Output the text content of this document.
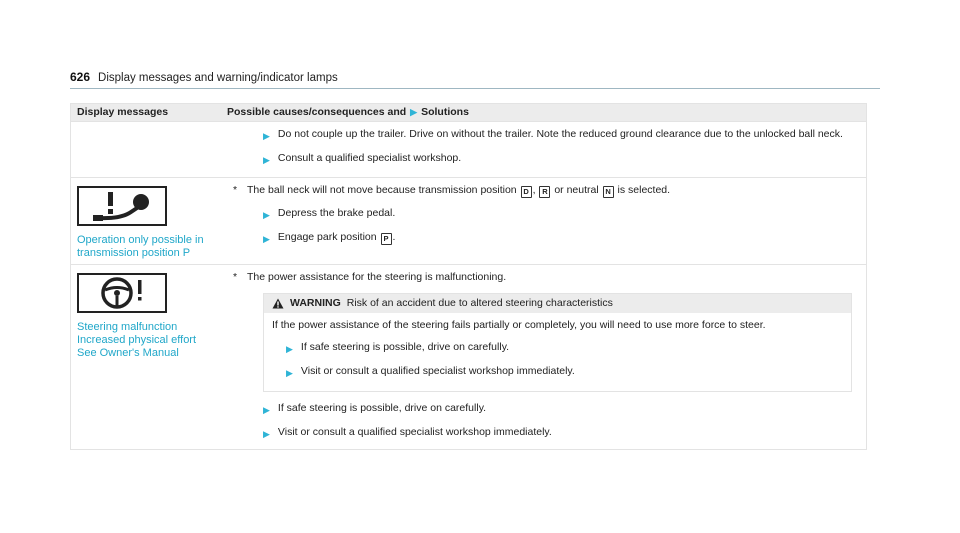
626 Display messages and warning/indicator lamps
Display messages	Possible causes/consequences and ▶ Solutions
▶ Do not couple up the trailer. Drive on without the trailer. Note the reduced ground clearance due to the unlocked ball neck.
▶ Consult a qualified specialist workshop.
Operation only possible in
transmission position P
* The ball neck will not move because transmission position D , R or neutral N is selected.
▶ Depress the brake pedal.
▶ Engage park position P .
Steering malfunction
Increased physical effort
See Owner's Manual
* The power assistance for the steering is malfunctioning.
WARNING Risk of an accident due to altered steering characteristics
If the power assistance of the steering fails partially or completely, you will need to use more force to steer.
▶ If safe steering is possible, drive on carefully.
▶ Visit or consult a qualified specialist workshop immediately.
▶ If safe steering is possible, drive on carefully.
▶ Visit or consult a qualified specialist workshop immediately.
